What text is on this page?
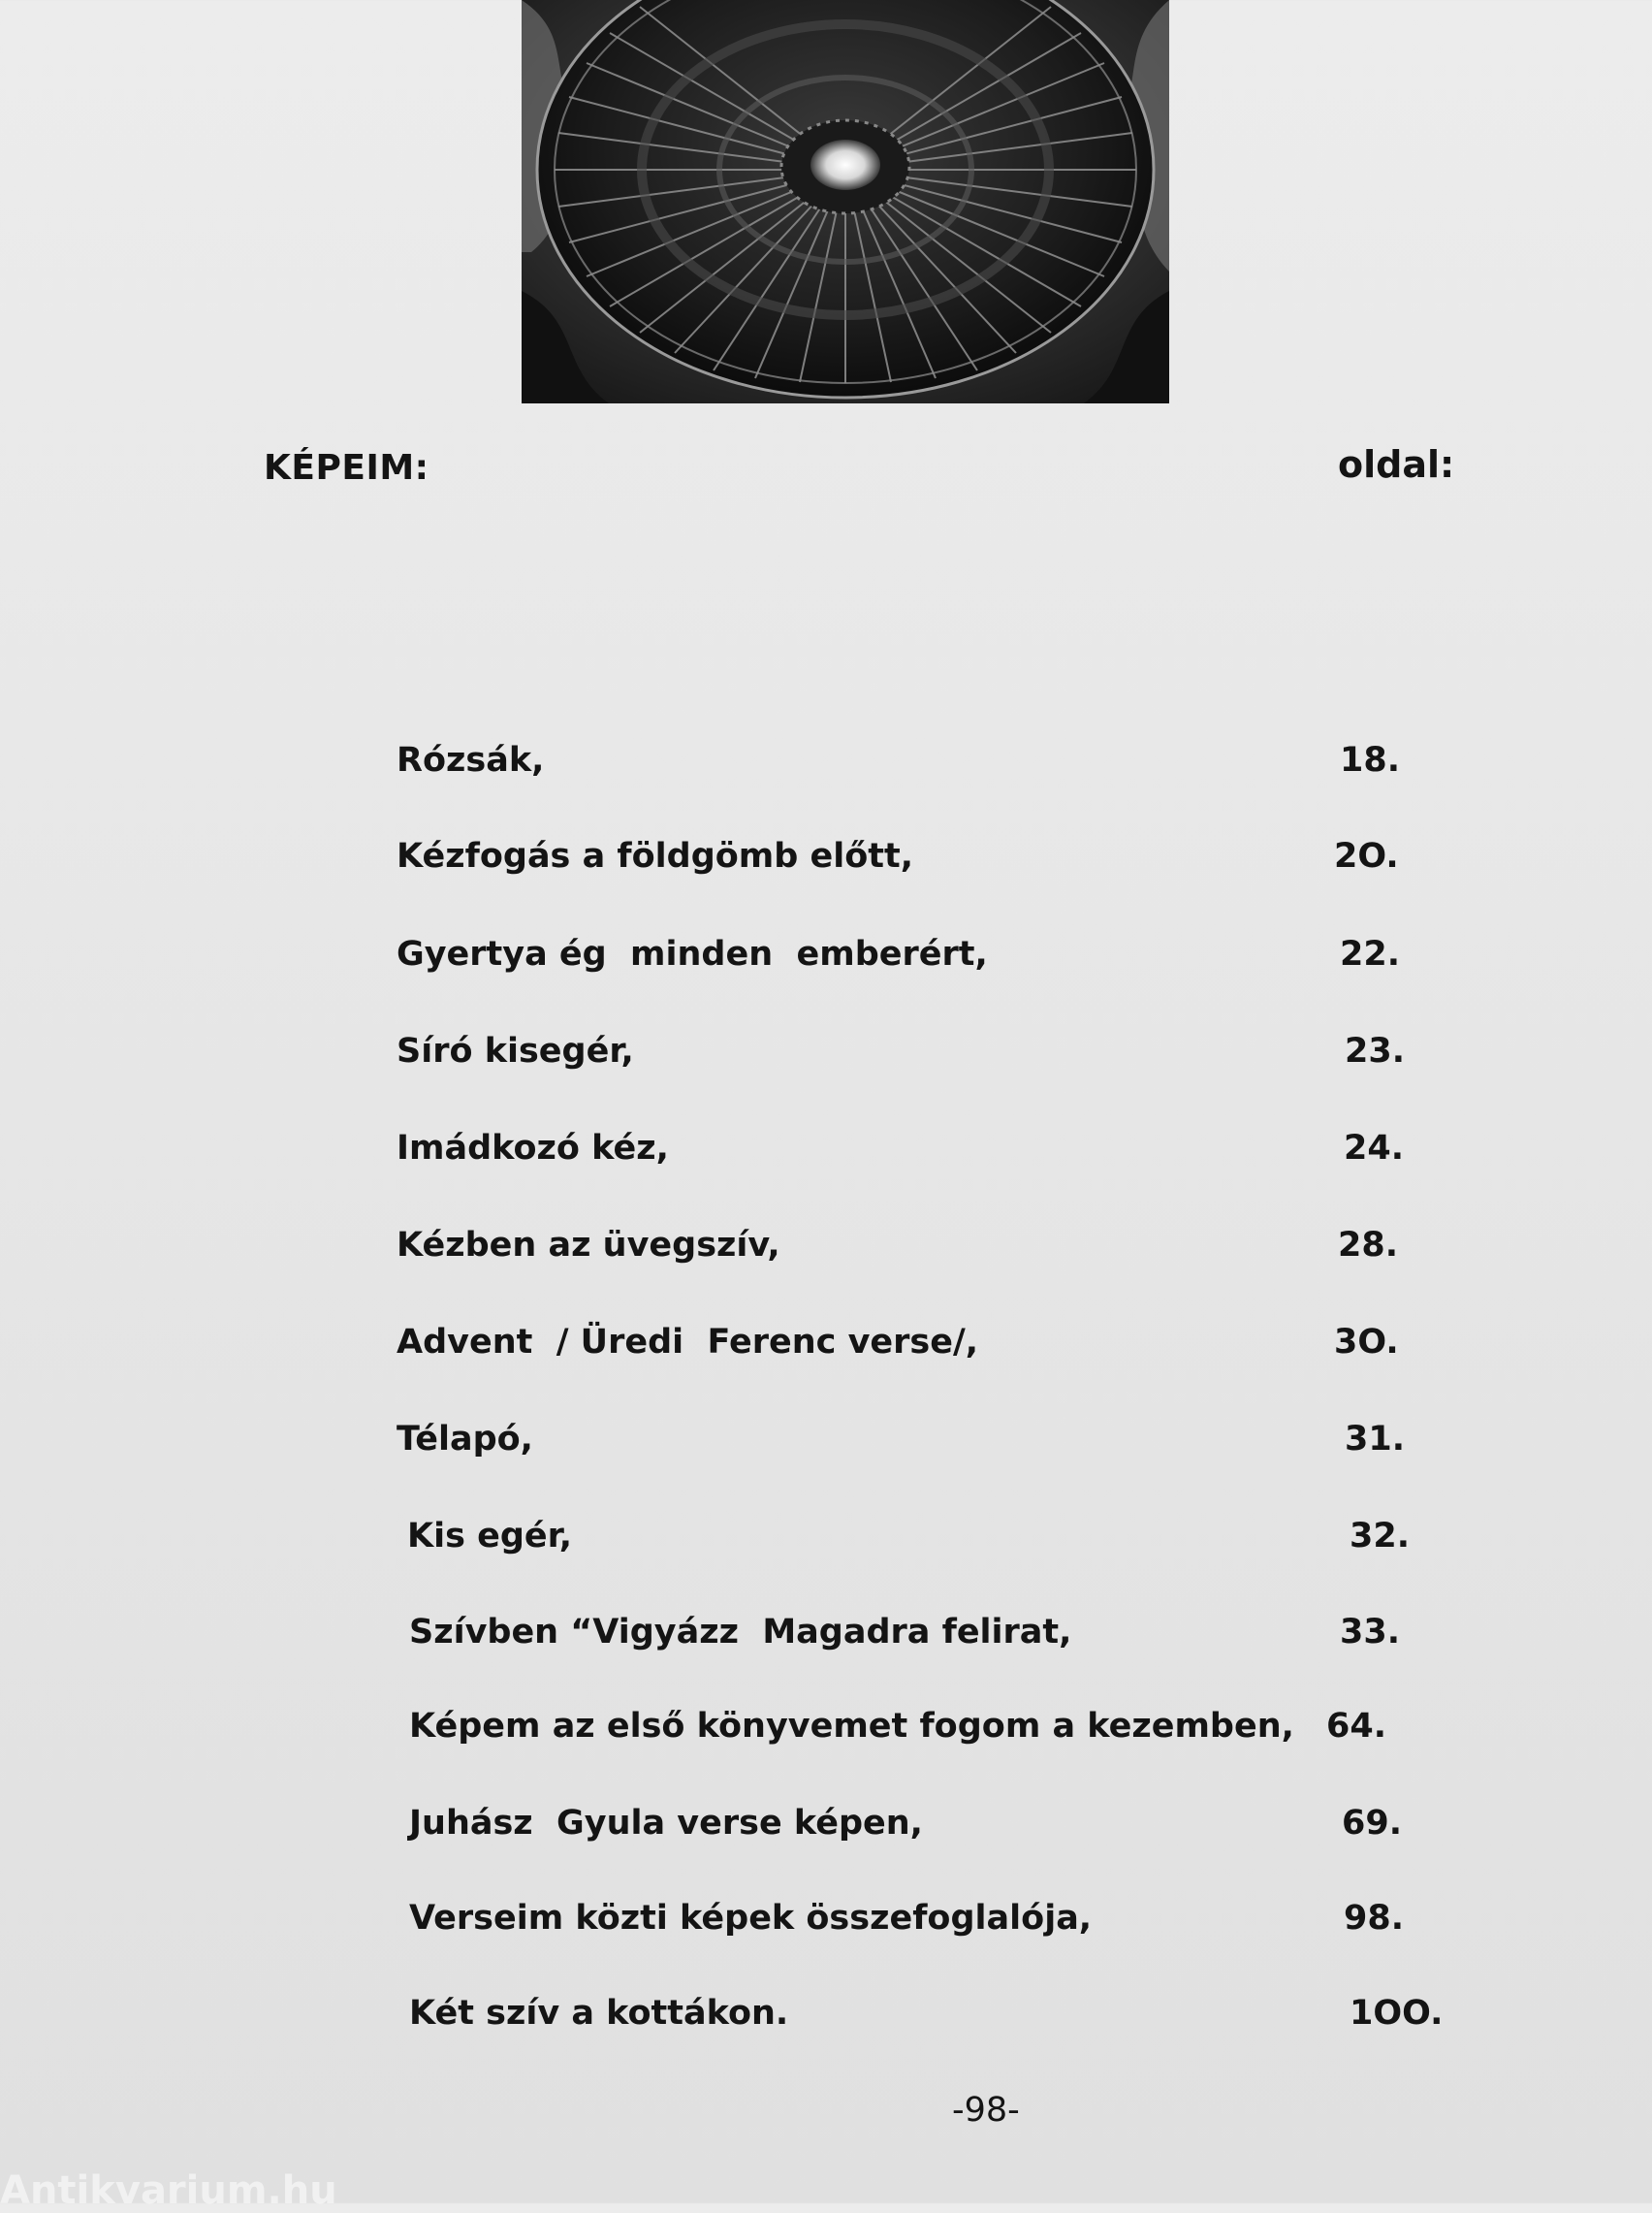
KÉPEIM:	oldal:
Rózsák,	18.
Kézfogás a földgömb előtt,	2O.
Gyertya ég  minden  emberért,	22.
Síró kisegér,	23.
Imádkozó kéz,	24.
Kézben az üvegszív,	28.
Advent  / Üredi  Ferenc verse/,	3O.
Télapó,	31.
Kis egér,	32.
Szívben “Vigyázz  Magadra felirat,	33.
Képem az első könyvemet fogom a kezemben, 64.
Juhász  Gyula verse képen,	69.
Verseim közti képek összefoglalója,	98.
Két szív a kottákon.	1OO.
-98-
Antikvarium.hu
